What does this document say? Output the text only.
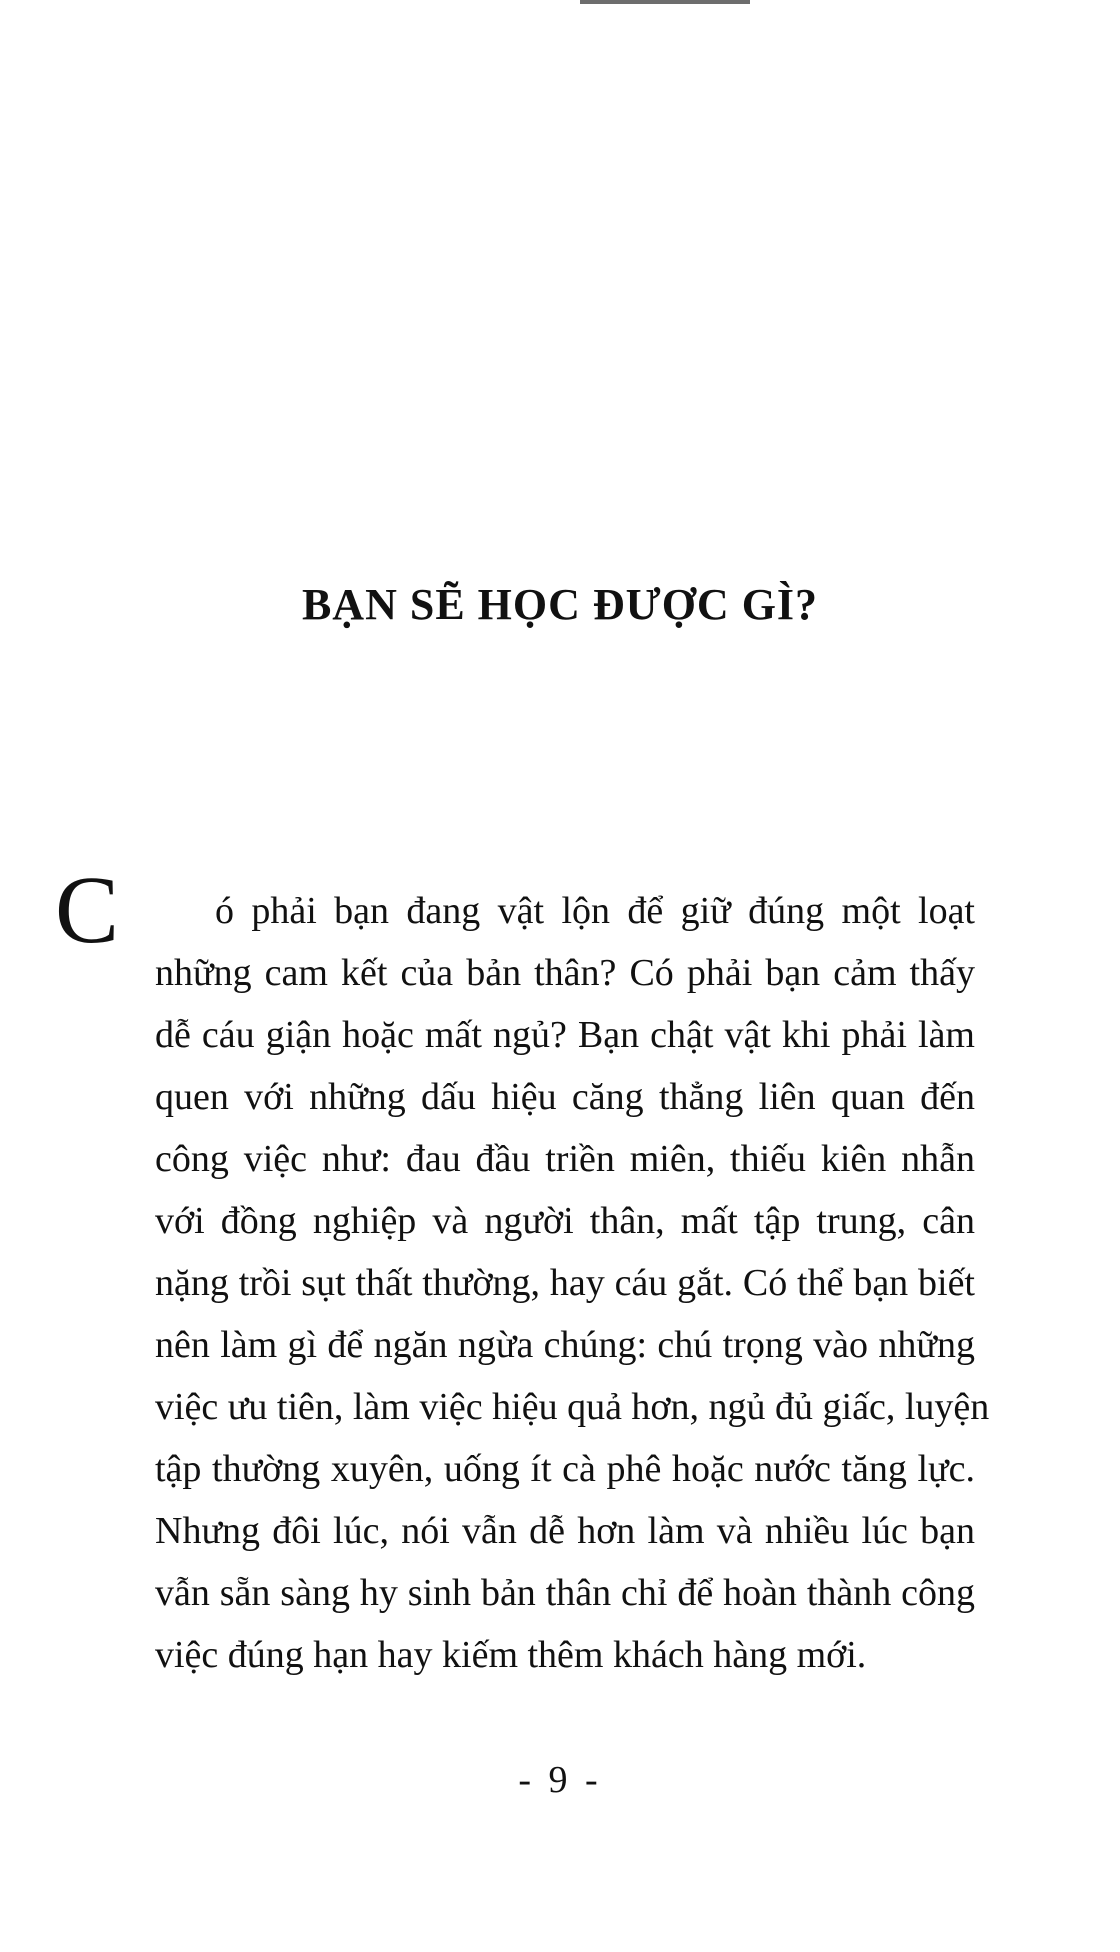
BẠN SẼ HỌC ĐƯỢC GÌ?
C	ó phải bạn đang vật lộn để giữ đúng một loạt
những cam kết của bản thân? Có phải bạn cảm thấy
dễ cáu giận hoặc mất ngủ? Bạn chật vật khi phải làm
quen với những dấu hiệu căng thẳng liên quan đến
công việc như: đau đầu triền miên, thiếu kiên nhẫn
với đồng nghiệp và người thân, mất tập trung, cân
nặng trồi sụt thất thường, hay cáu gắt. Có thể bạn biết
nên làm gì để ngăn ngừa chúng: chú trọng vào những
việc ưu tiên, làm việc hiệu quả hơn, ngủ đủ giấc, luyện
tập thường xuyên, uống ít cà phê hoặc nước tăng lực.
Nhưng đôi lúc, nói vẫn dễ hơn làm và nhiều lúc bạn
vẫn sẵn sàng hy sinh bản thân chỉ để hoàn thành công
việc đúng hạn hay kiếm thêm khách hàng mới.
- 9 -
